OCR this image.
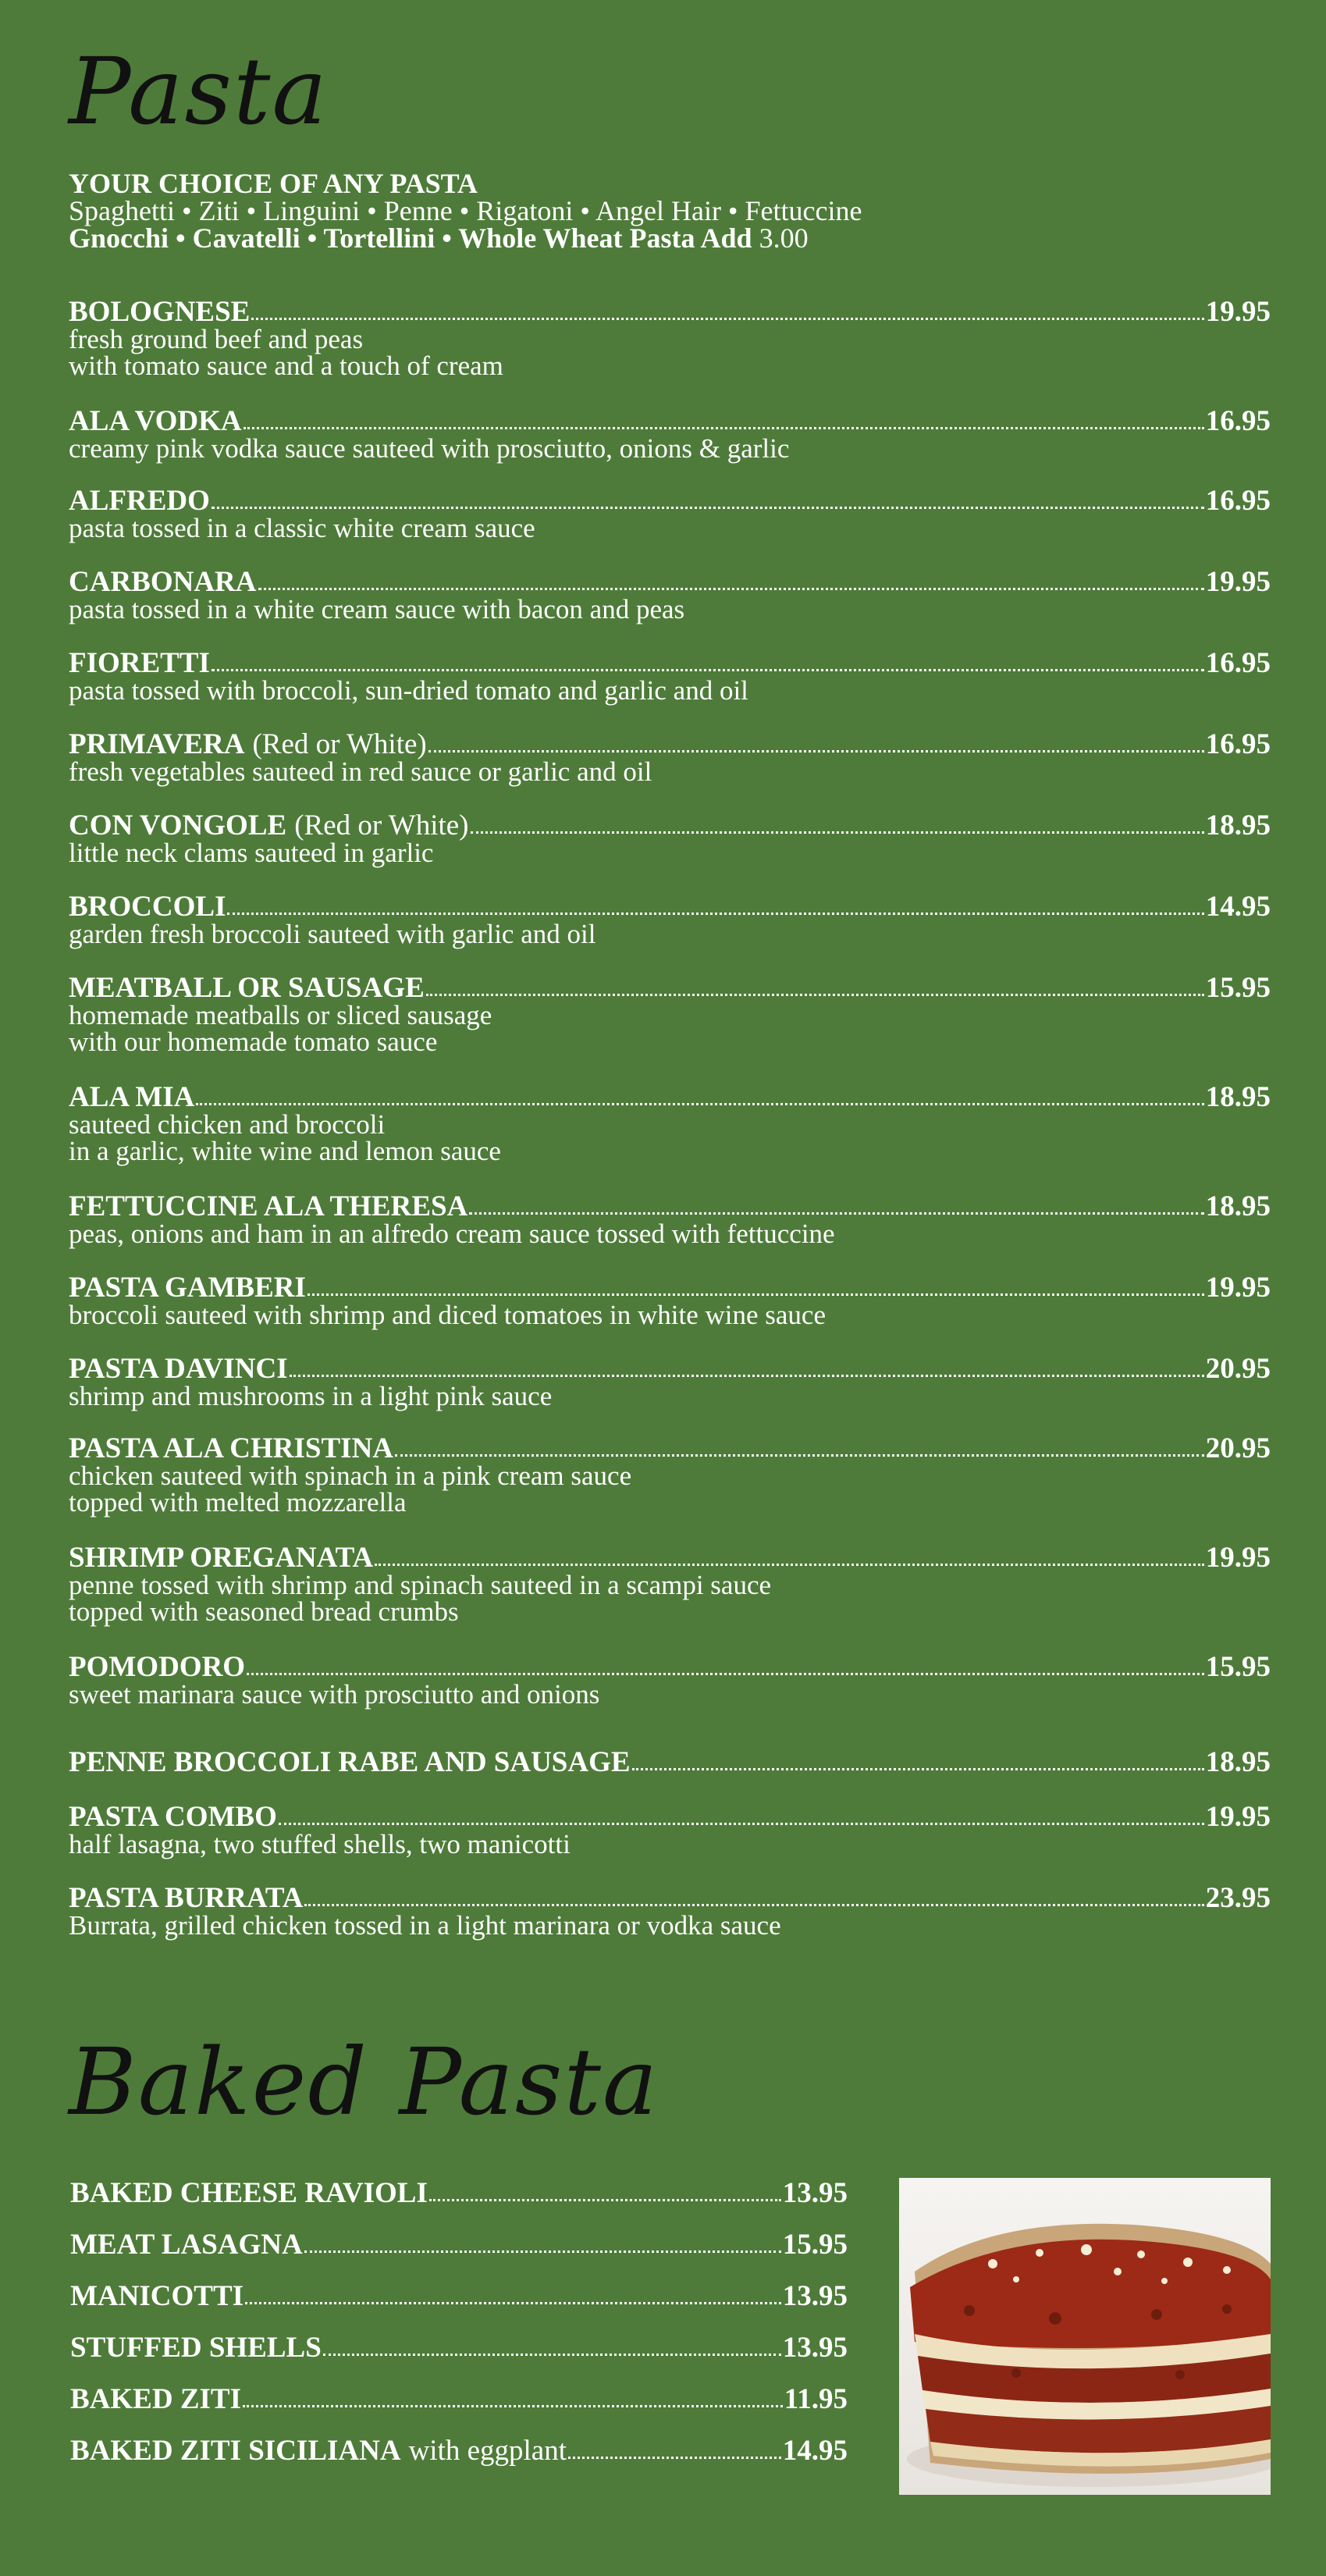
Pasta
YOUR CHOICE OF ANY PASTA
Spaghetti • Ziti • Linguini • Penne • Rigatoni • Angel Hair • Fettuccine
Gnocchi • Cavatelli • Tortellini • Whole Wheat Pasta Add 3.00
BOLOGNESE	19.95
fresh ground beef and peas
with tomato sauce and a touch of cream
ALA VODKA	16.95
creamy pink vodka sauce sauteed with prosciutto, onions & garlic
ALFREDO	16.95
pasta tossed in a classic white cream sauce
CARBONARA	19.95
pasta tossed in a white cream sauce with bacon and peas
FIORETTI	16.95
pasta tossed with broccoli, sun-dried tomato and garlic and oil
PRIMAVERA (Red or White)	16.95
fresh vegetables sauteed in red sauce or garlic and oil
CON VONGOLE (Red or White)	18.95
little neck clams sauteed in garlic
BROCCOLI	14.95
garden fresh broccoli sauteed with garlic and oil
MEATBALL OR SAUSAGE	15.95
homemade meatballs or sliced sausage
with our homemade tomato sauce
ALA MIA	18.95
sauteed chicken and broccoli
in a garlic, white wine and lemon sauce
FETTUCCINE ALA THERESA	18.95
peas, onions and ham in an alfredo cream sauce tossed with fettuccine
PASTA GAMBERI	19.95
broccoli sauteed with shrimp and diced tomatoes in white wine sauce
PASTA DAVINCI	20.95
shrimp and mushrooms in a light pink sauce
PASTA ALA CHRISTINA	20.95
chicken sauteed with spinach in a pink cream sauce
topped with melted mozzarella
SHRIMP OREGANATA	19.95
penne tossed with shrimp and spinach sauteed in a scampi sauce
topped with seasoned bread crumbs
POMODORO	15.95
sweet marinara sauce with prosciutto and onions
PENNE BROCCOLI RABE AND SAUSAGE	18.95
PASTA COMBO	19.95
half lasagna, two stuffed shells, two manicotti
PASTA BURRATA	23.95
Burrata, grilled chicken tossed in a light marinara or vodka sauce
Baked Pasta
BAKED CHEESE RAVIOLI	13.95
MEAT LASAGNA	15.95
MANICOTTI	13.95
STUFFED SHELLS	13.95
BAKED ZITI	11.95
BAKED ZITI SICILIANA with eggplant	14.95
